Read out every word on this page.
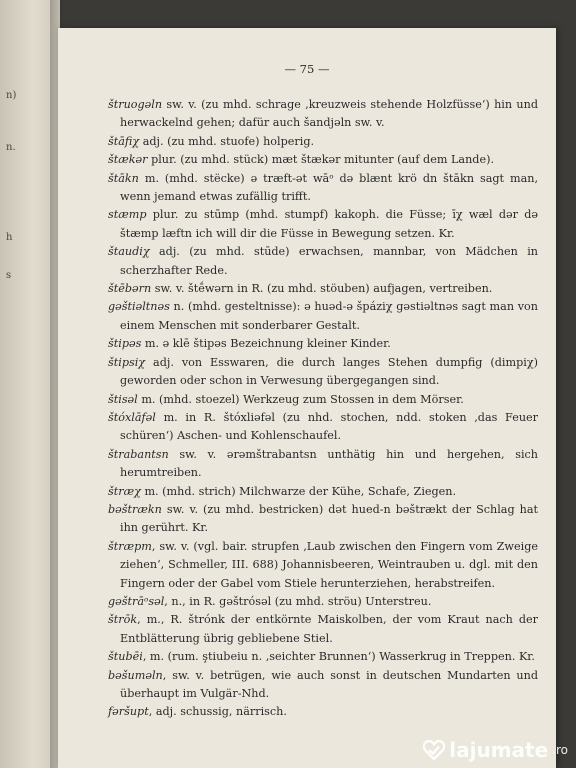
n)
n.
h
s
— 75 —

štruogəln sw. v. (zu mhd. schrage ‚kreuzweis stehende Holzfüsse‘) hin und herwackelnd gehen; dafür auch šandjəln sw. v.

štāfiχ adj. (zu mhd. stuofe) holperig.

štækər plur. (zu mhd. stück) mæt štækər mitunter (auf dem Lande).

štākn m. (mhd. stëcke) ə træft-ət wāᵒ də blænt krö dn štākn sagt man, wenn jemand etwas zufällig trifft.

stæmp plur. zu stūmp (mhd. stumpf) kakoph. die Füsse; īχ wæl dər də štæmp læftn ich will dir die Füsse in Bewegung setzen. Kr.

štaudiχ adj. (zu mhd. stūde) erwachsen, mannbar, von Mädchen in scherzhafter Rede.

štēbərn sw. v. štḗwərn in R. (zu mhd. stöuben) aufjagen, vertreiben.

gəštiəltnəs n. (mhd. gesteltnisse): ə huəd-ə špáziχ gəstiəltnəs sagt man von einem Menschen mit sonderbarer Gestalt.

štipəs m. ə klē štipəs Bezeichnung kleiner Kinder.

štipsiχ adj. von Esswaren, die durch langes Stehen dumpfig (dimpiχ) geworden oder schon in Verwesung übergegangen sind.

štisəl m. (mhd. stoezel) Werkzeug zum Stossen in dem Mörser.

štóxlāfəl m. in R. štóxliəfəl (zu nhd. stochen, ndd. stoken ‚das Feuer schüren‘) Aschen- und Kohlenschaufel.

štrabantsn sw. v. ərəmštrabantsn unthätig hin und hergehen, sich herumtreiben.

štræχ m. (mhd. strich) Milchwarze der Kühe, Schafe, Ziegen.

bəštrækn sw. v. (zu mhd. bestricken) dət hued-n bəštrækt der Schlag hat ihn gerührt. Kr.

štræpm, sw. v. (vgl. bair. strupfen ‚Laub zwischen den Fingern vom Zweige ziehen‘, Schmeller, III. 688) Johannisbeeren, Weintrauben u. dgl. mit den Fingern oder der Gabel vom Stiele herunterziehen, herabstreifen.

gəštrāᵒsəl, n., in R. gəštrósəl (zu mhd. ströu) Unterstreu.

štrōk, m., R. štrónk der entkörnte Maiskolben, der vom Kraut nach der Entblätterung übrig gebliebene Stiel.

štubēi, m. (rum. ştiubeiu n. ‚seichter Brunnen‘) Wasserkrug in Treppen. Kr.

bəšuməln, sw. v. betrügen, wie auch sonst in deutschen Mundarten und überhaupt im Vulgär-Nhd.

fəršupt, adj. schussig, närrisch.

lajumate .ro
